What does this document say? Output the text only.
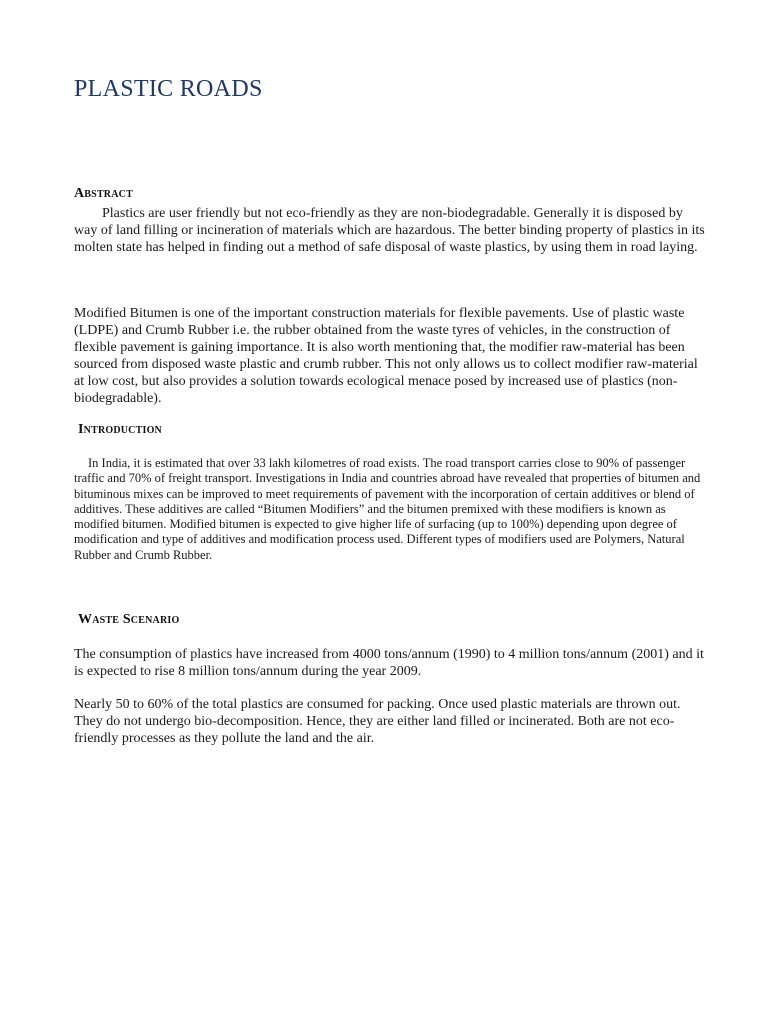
PLASTIC ROADS
Abstract

Plastics are user friendly but not eco-friendly as they are non-biodegradable. Generally it is disposed by way of land filling or incineration of materials which are hazardous. The better binding property of plastics in its molten state has helped in finding out a method of safe disposal of waste plastics, by using them in road laying.

Modified Bitumen is one of the important construction materials for flexible pavements. Use of plastic waste (LDPE) and Crumb Rubber i.e. the rubber obtained from the waste tyres of vehicles, in the construction of flexible pavement is gaining importance. It is also worth mentioning that, the modifier raw-material has been sourced from disposed waste plastic and crumb rubber. This not only allows us to collect modifier raw-material at low cost, but also provides a solution towards ecological menace posed by increased use of plastics (non-biodegradable).

Introduction

In India, it is estimated that over 33 lakh kilometres of road exists. The road transport carries close to 90% of passenger traffic and 70% of freight transport. Investigations in India and countries abroad have revealed that properties of bitumen and bituminous mixes can be improved to meet requirements of pavement with the incorporation of certain additives or blend of additives. These additives are called “Bitumen Modifiers” and the bitumen premixed with these modifiers is known as modified bitumen. Modified bitumen is expected to give higher life of surfacing (up to 100%) depending upon degree of modification and type of additives and modification process used. Different types of modifiers used are Polymers, Natural Rubber and Crumb Rubber.

Waste Scenario

The consumption of plastics have increased from 4000 tons/annum (1990) to 4 million tons/annum (2001) and it is expected to rise 8 million tons/annum during the year 2009.

Nearly 50 to 60% of the total plastics are consumed for packing. Once used plastic materials are thrown out. They do not undergo bio-decomposition. Hence, they are either land filled or incinerated. Both are not eco-friendly processes as they pollute the land and the air.
